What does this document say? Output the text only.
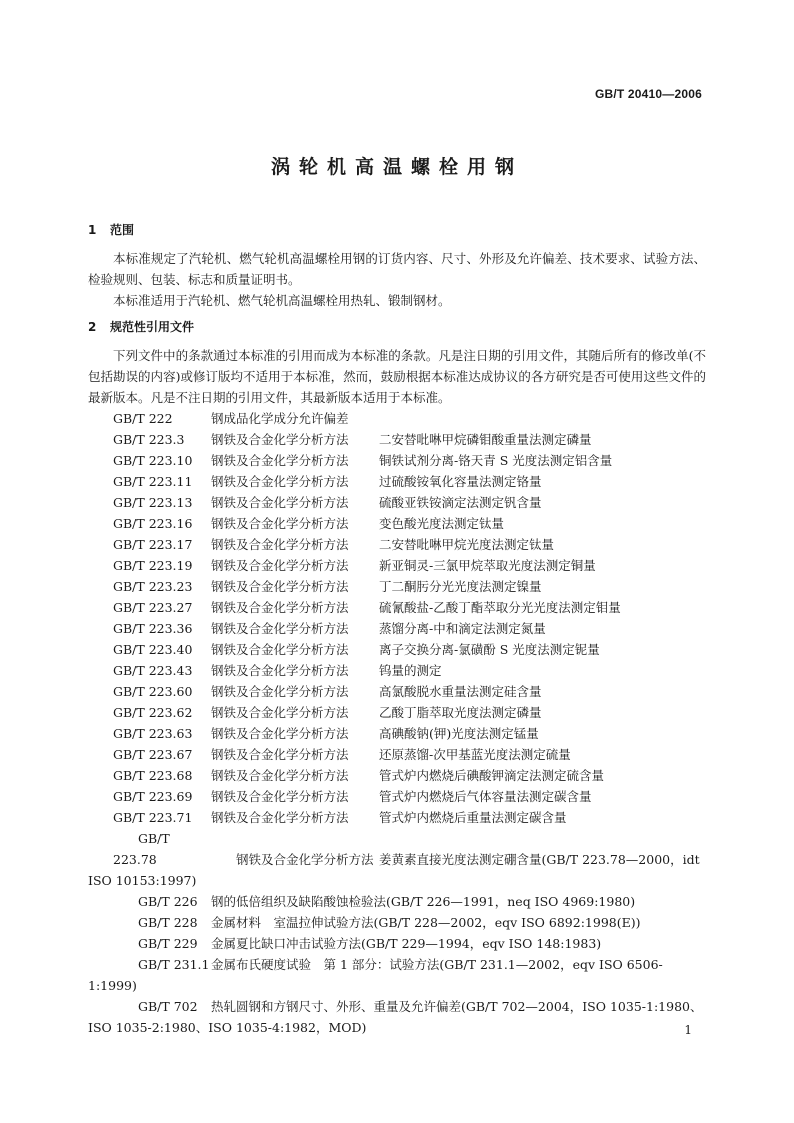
GB/T 20410—2006
涡轮机高温螺栓用钢
1 范围
本标准规定了汽轮机、燃气轮机高温螺栓用钢的订货内容、尺寸、外形及允许偏差、技术要求、试验方法、检验规则、包装、标志和质量证明书。
本标准适用于汽轮机、燃气轮机高温螺栓用热轧、锻制钢材。
2 规范性引用文件
下列文件中的条款通过本标准的引用而成为本标准的条款。凡是注日期的引用文件，其随后所有的修改单(不包括勘误的内容)或修订版均不适用于本标准，然而，鼓励根据本标准达成协议的各方研究是否可使用这些文件的最新版本。凡是不注日期的引用文件，其最新版本适用于本标准。
GB/T 222	钢成品化学成分允许偏差
GB/T 223.3 钢铁及合金化学分析方法 二安替吡啉甲烷磷钼酸重量法测定磷量
GB/T 223.10 钢铁及合金化学分析方法 铜铁试剂分离-铬天青 S 光度法测定铝含量
GB/T 223.11 钢铁及合金化学分析方法 过硫酸铵氧化容量法测定铬量
GB/T 223.13 钢铁及合金化学分析方法 硫酸亚铁铵滴定法测定钒含量
GB/T 223.16 钢铁及合金化学分析方法 变色酸光度法测定钛量
GB/T 223.17 钢铁及合金化学分析方法 二安替吡啉甲烷光度法测定钛量
GB/T 223.19 钢铁及合金化学分析方法 新亚铜灵-三氯甲烷萃取光度法测定铜量
GB/T 223.23 钢铁及合金化学分析方法 丁二酮肟分光光度法测定镍量
GB/T 223.27 钢铁及合金化学分析方法 硫氰酸盐-乙酸丁酯萃取分光光度法测定钼量
GB/T 223.36 钢铁及合金化学分析方法 蒸馏分离-中和滴定法测定氮量
GB/T 223.40 钢铁及合金化学分析方法 离子交换分离-氯磺酚 S 光度法测定铌量
GB/T 223.43 钢铁及合金化学分析方法 钨量的测定
GB/T 223.60 钢铁及合金化学分析方法 高氯酸脱水重量法测定硅含量
GB/T 223.62 钢铁及合金化学分析方法 乙酸丁脂萃取光度法测定磷量
GB/T 223.63 钢铁及合金化学分析方法 高碘酸钠(钾)光度法测定锰量
GB/T 223.67 钢铁及合金化学分析方法 还原蒸馏-次甲基蓝光度法测定硫量
GB/T 223.68 钢铁及合金化学分析方法 管式炉内燃烧后碘酸钾滴定法测定硫含量
GB/T 223.69 钢铁及合金化学分析方法 管式炉内燃烧后气体容量法测定碳含量
GB/T 223.71 钢铁及合金化学分析方法 管式炉内燃烧后重量法测定碳含量
GB/T 223.78	钢铁及合金化学分析方法 姜黄素直接光度法测定硼含量(GB/T 223.78—2000，idt ISO 10153:1997)
GB/T 226 钢的低倍组织及缺陷酸蚀检验法(GB/T 226—1991，neq ISO 4969:1980)
GB/T 228 金属材料　室温拉伸试验方法(GB/T 228—2002，eqv ISO 6892:1998(E))
GB/T 229 金属夏比缺口冲击试验方法(GB/T 229—1994，eqv ISO 148:1983)
GB/T 231.1 金属布氏硬度试验　第 1 部分：试验方法(GB/T 231.1—2002，eqv ISO 6506-1:1999)
GB/T 702 热轧圆钢和方钢尺寸、外形、重量及允许偏差(GB/T 702—2004，ISO 1035-1:1980、ISO 1035-2:1980、ISO 1035-4:1982，MOD)	1
